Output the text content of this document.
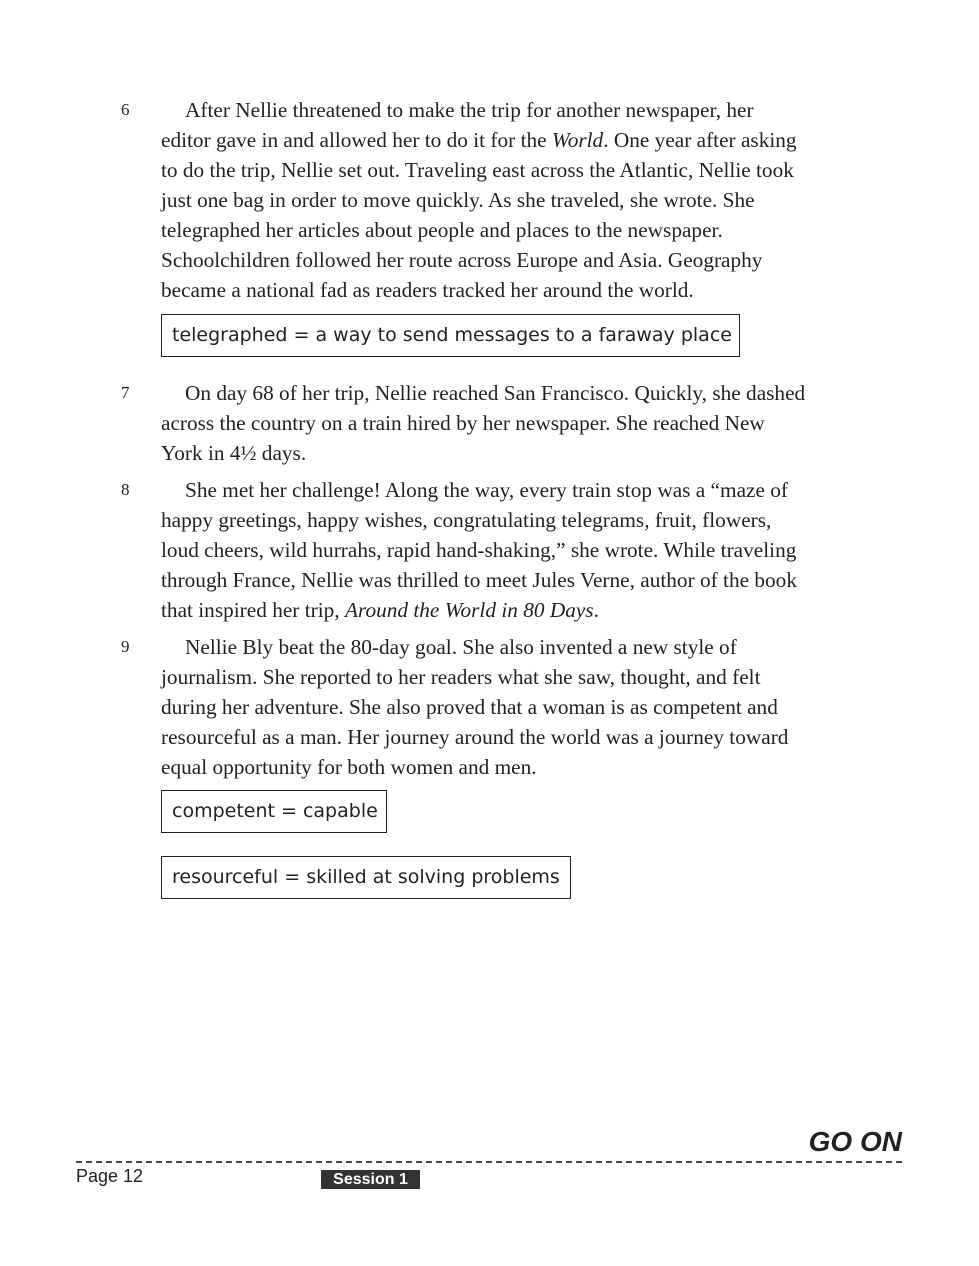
6	After Nellie threatened to make the trip for another newspaper, her
editor gave in and allowed her to do it for the World. One year after asking
to do the trip, Nellie set out. Traveling east across the Atlantic, Nellie took
just one bag in order to move quickly. As she traveled, she wrote. She
telegraphed her articles about people and places to the newspaper.
Schoolchildren followed her route across Europe and Asia. Geography
became a national fad as readers tracked her around the world.
telegraphed = a way to send messages to a faraway place
7	On day 68 of her trip, Nellie reached San Francisco. Quickly, she dashed
across the country on a train hired by her newspaper. She reached New
York in 4½ days.
8	She met her challenge! Along the way, every train stop was a “maze of
happy greetings, happy wishes, congratulating telegrams, fruit, flowers,
loud cheers, wild hurrahs, rapid hand-shaking,” she wrote. While traveling
through France, Nellie was thrilled to meet Jules Verne, author of the book
that inspired her trip, Around the World in 80 Days.
9	Nellie Bly beat the 80-day goal. She also invented a new style of
journalism. She reported to her readers what she saw, thought, and felt
during her adventure. She also proved that a woman is as competent and
resourceful as a man. Her journey around the world was a journey toward
equal opportunity for both women and men.
competent = capable
resourceful = skilled at solving problems
GO ON
Page 12	Session 1
